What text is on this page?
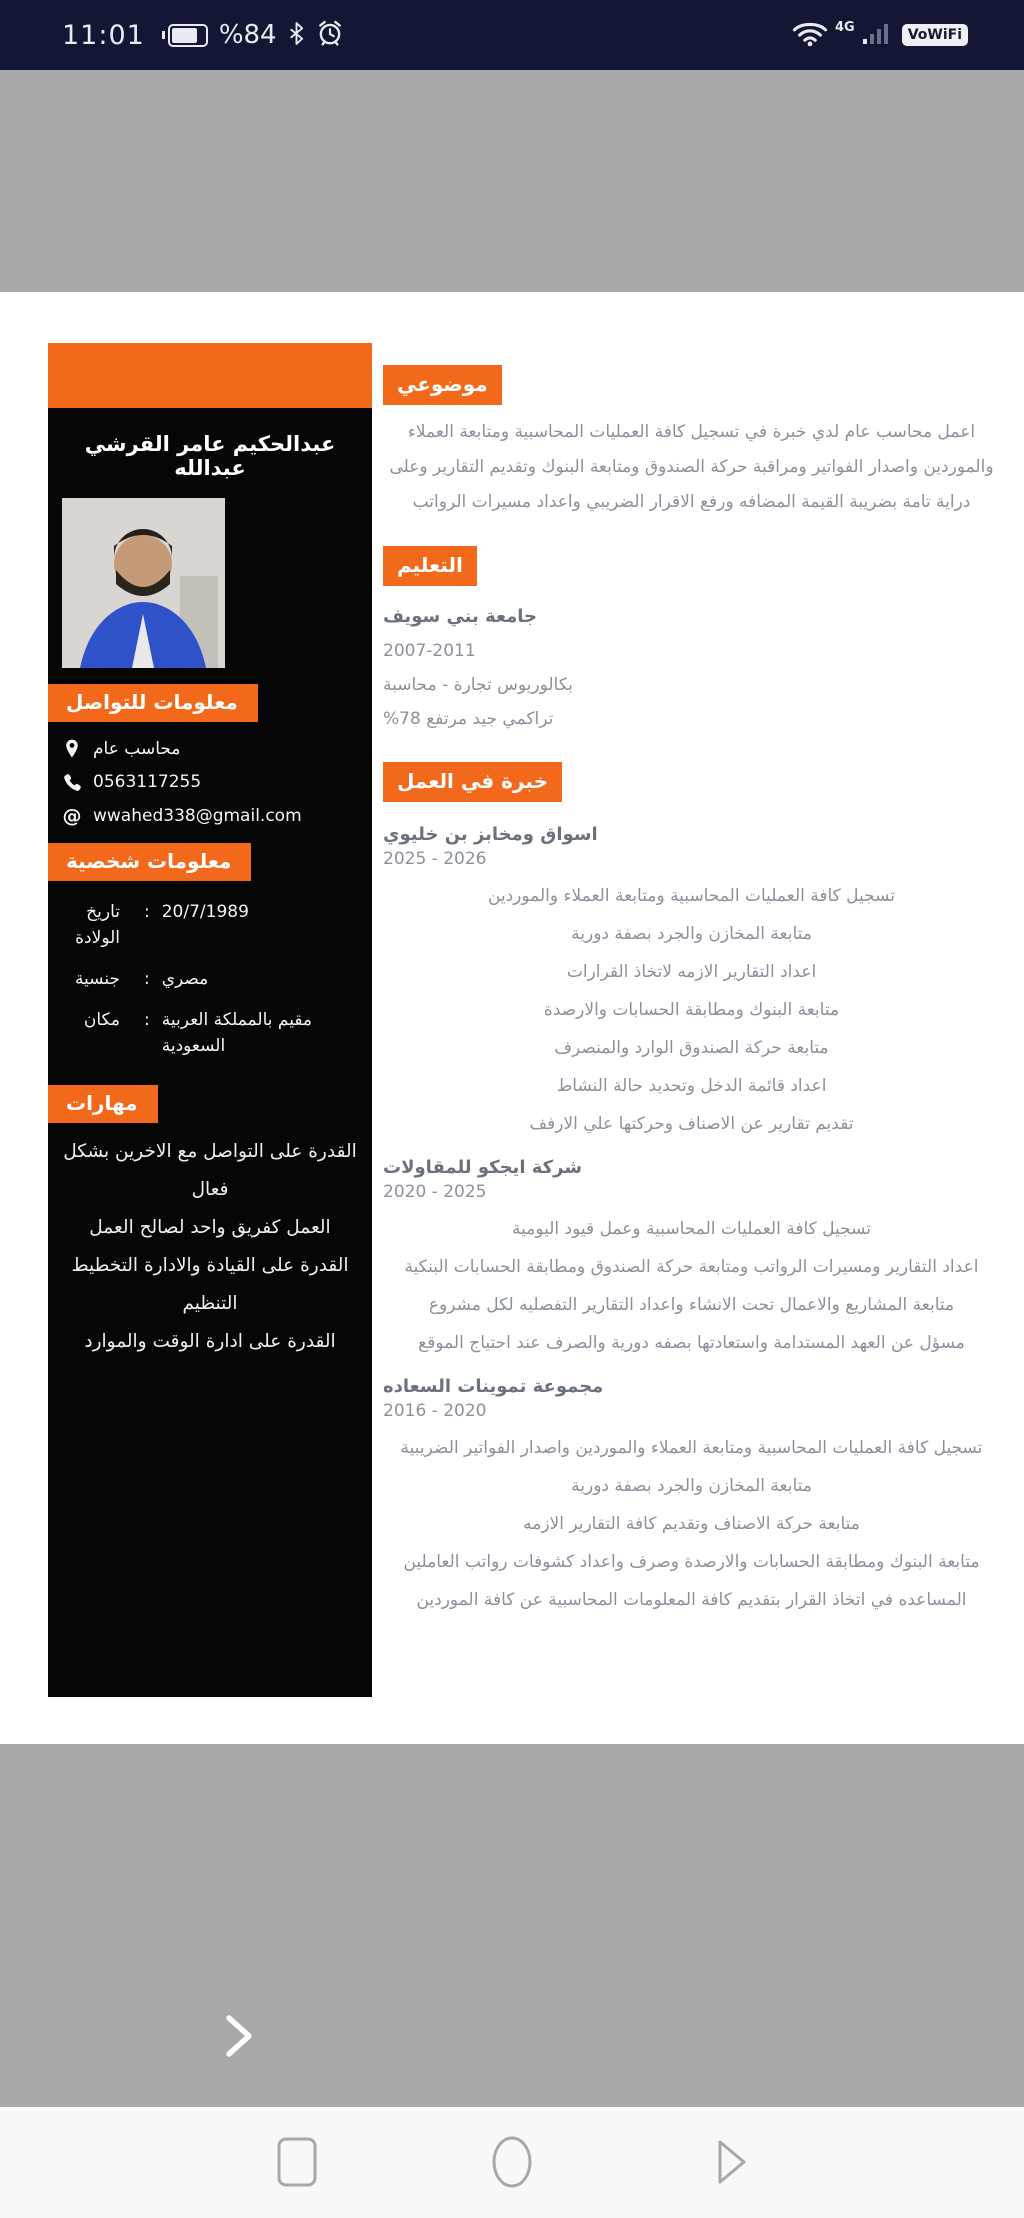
11:01	%84	4G	VoWiFi
عبدالحكيم عامر القرشي عبدالله
معلومات للتواصل
محاسب عام
0563117255
@ wwahed338@gmail.com
معلومات شخصية
تاريخ الولادة
: 20/7/1989
جنسية : مصري
مكان : مقيم بالمملكة العربية السعودية
مهارات
القدرة على التواصل مع الاخرين بشكل فعال
العمل كفريق واحد لصالح العمل
القدرة على القيادة والادارة التخطيط التنظيم
القدرة على ادارة الوقت والموارد
موضوعي

اعمل محاسب عام لدي خبرة في تسجيل كافة العمليات المحاسبية ومتابعة العملاء والموردين واصدار الفواتير ومراقبة حركة الصندوق ومتابعة البنوك وتقديم التقارير وعلى دراية تامة بضريبة القيمة المضافه ورفع الاقرار الضريبي واعداد مسيرات الرواتب

التعليم
جامعة بني سويف
2007-2011
بكالوريوس تجارة - محاسبة
تراكمي جيد مرتفع 78%
خبرة في العمل
اسواق ومخابز بن خليوي
2025 - 2026
تسجيل كافة العمليات المحاسبية ومتابعة العملاء والموردين
متابعة المخازن والجرد بصفة دورية
اعداد التقارير الازمه لاتخاذ القرارات
متابعة البنوك ومطابقة الحسابات والارصدة
متابعة حركة الصندوق الوارد والمنصرف
اعداد قائمة الدخل وتحديد حالة النشاط
تقديم تقارير عن الاصناف وحركتها علي الارفف
شركة ايجكو للمقاولات
2020 - 2025
تسجيل كافة العمليات المحاسبية وعمل قيود اليومية
اعداد التقارير ومسيرات الرواتب ومتابعة حركة الصندوق ومطابقة الحسابات البنكية
متابعة المشاريع والاعمال تحت الانشاء واعداد التقارير التفصليه لكل مشروع
مسؤل عن العهد المستدامة واستعادتها بصفه دورية والصرف عند احتياج الموقع
مجموعة تموينات السعاده
2016 - 2020
تسجيل كافة العمليات المحاسبية ومتابعة العملاء والموردين واصدار الفواتير الضريبية
متابعة المخازن والجرد بصفة دورية
متابعة حركة الاصناف وتقديم كافة التقارير الازمه
متابعة البنوك ومطابقة الحسابات والارصدة وصرف واعداد كشوفات رواتب العاملين
المساعده في اتخاذ القرار بتقديم كافة المعلومات المحاسبية عن كافة الموردين
